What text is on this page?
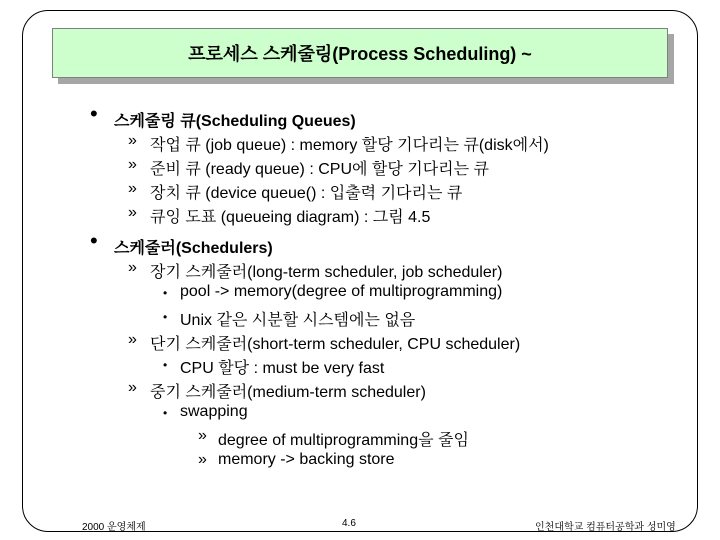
프로세스 스케줄링(Process Scheduling) ~
• 스케줄링 큐(Scheduling Queues)
» 작업 큐 (job queue) : memory 할당 기다리는 큐(disk에서)
» 준비 큐 (ready queue) : CPU에 할당 기다리는 큐
» 장치 큐 (device queue() : 입출력 기다리는 큐
» 큐잉 도표 (queueing diagram) : 그림 4.5
• 스케줄러(Schedulers)
» 장기 스케줄러(long-term scheduler, job scheduler)
• pool -> memory(degree of multiprogramming)
• Unix 같은 시분할 시스템에는 없음
» 단기 스케줄러(short-term scheduler, CPU scheduler)
• CPU 할당 : must be very fast
» 중기 스케줄러(medium-term scheduler)
• swapping
» degree of multiprogramming을 줄임
» memory -> backing store
2000 운영체제	4.6	인천대학교 컴퓨터공학과 성미영
